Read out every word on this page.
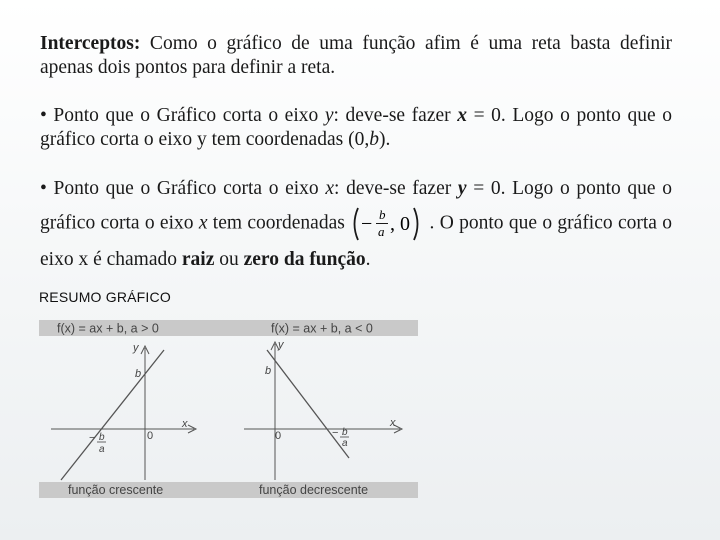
Interceptos: Como o gráfico de uma função afim é uma reta basta definir apenas dois pontos para definir a reta.
• Ponto que o Gráfico corta o eixo y: deve-se fazer x = 0. Logo o ponto que o gráfico corta o eixo y tem coordenadas (0,b).
• Ponto que o Gráfico corta o eixo x: deve-se fazer y = 0. Logo o ponto que o gráfico corta o eixo x tem coordenadas − b
a , 0 . O ponto que o gráfico corta o eixo x é chamado raiz ou zero da função.
RESUMO GRÁFICO
f(x) = ax + b, a > 0	f(x) = ax + b, a < 0
função crescente	função decrescente
y
x
b
0
− b
a
y
x
b
0	− b
a
